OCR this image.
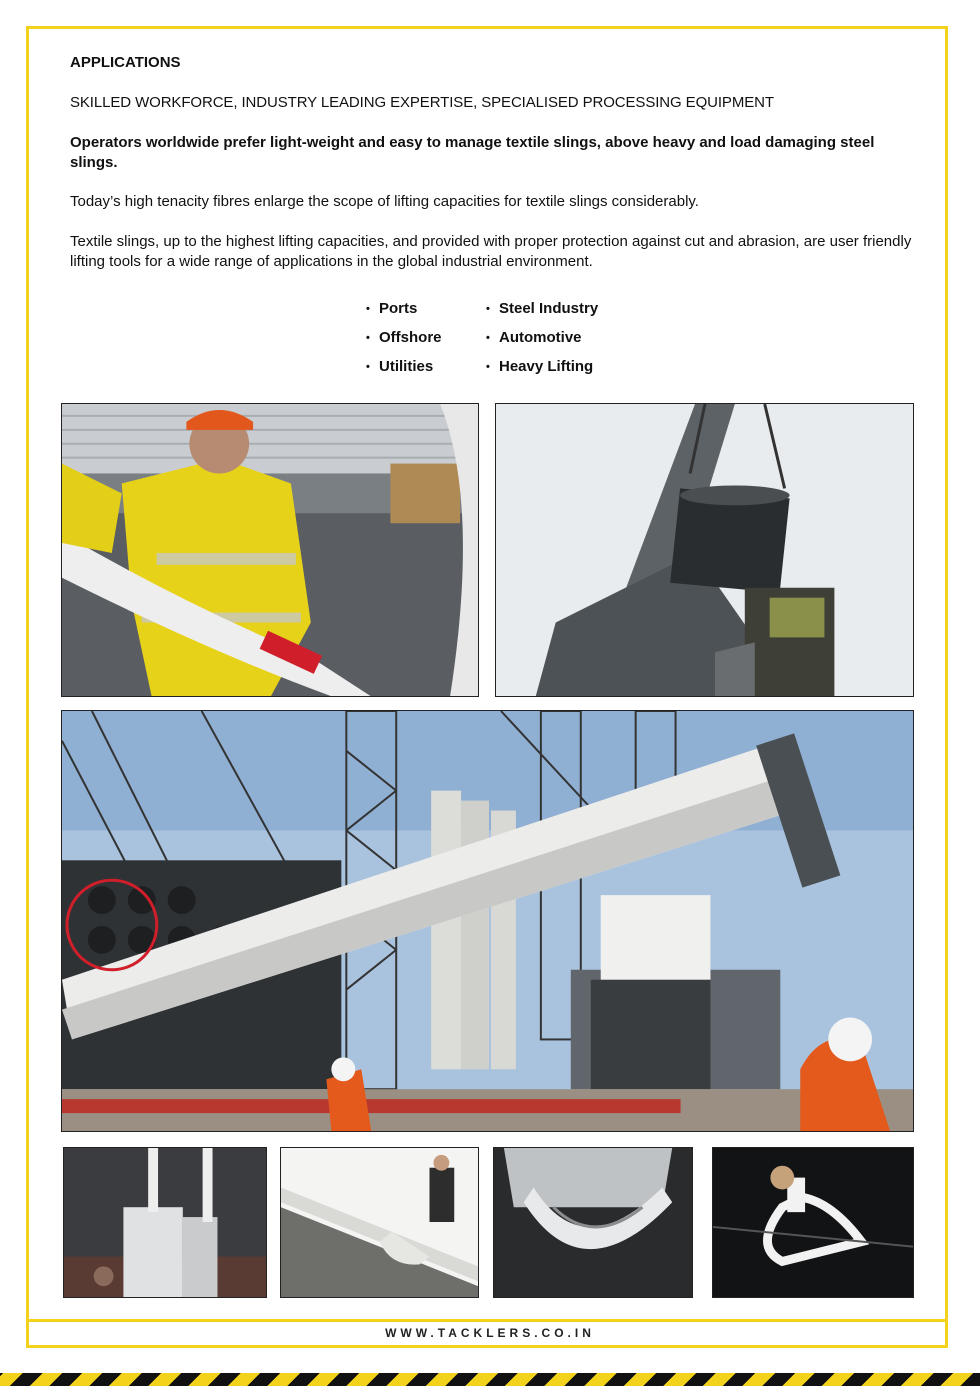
APPLICATIONS
SKILLED WORKFORCE, INDUSTRY LEADING EXPERTISE, SPECIALISED PROCESSING EQUIPMENT
Operators worldwide prefer light-weight and easy to manage textile slings, above heavy and load damaging steel slings.
Today’s high tenacity fibres enlarge the scope of lifting capacities for textile slings considerably.
Textile slings, up to the highest lifting capacities, and provided with proper protection against cut and abrasion, are user friendly lifting tools for a wide range of applications in the global industrial environment.
• Ports
• Offshore
• Utilities
• Steel Industry
• Automotive
• Heavy Lifting
WWW.TACKLERS.CO.IN
